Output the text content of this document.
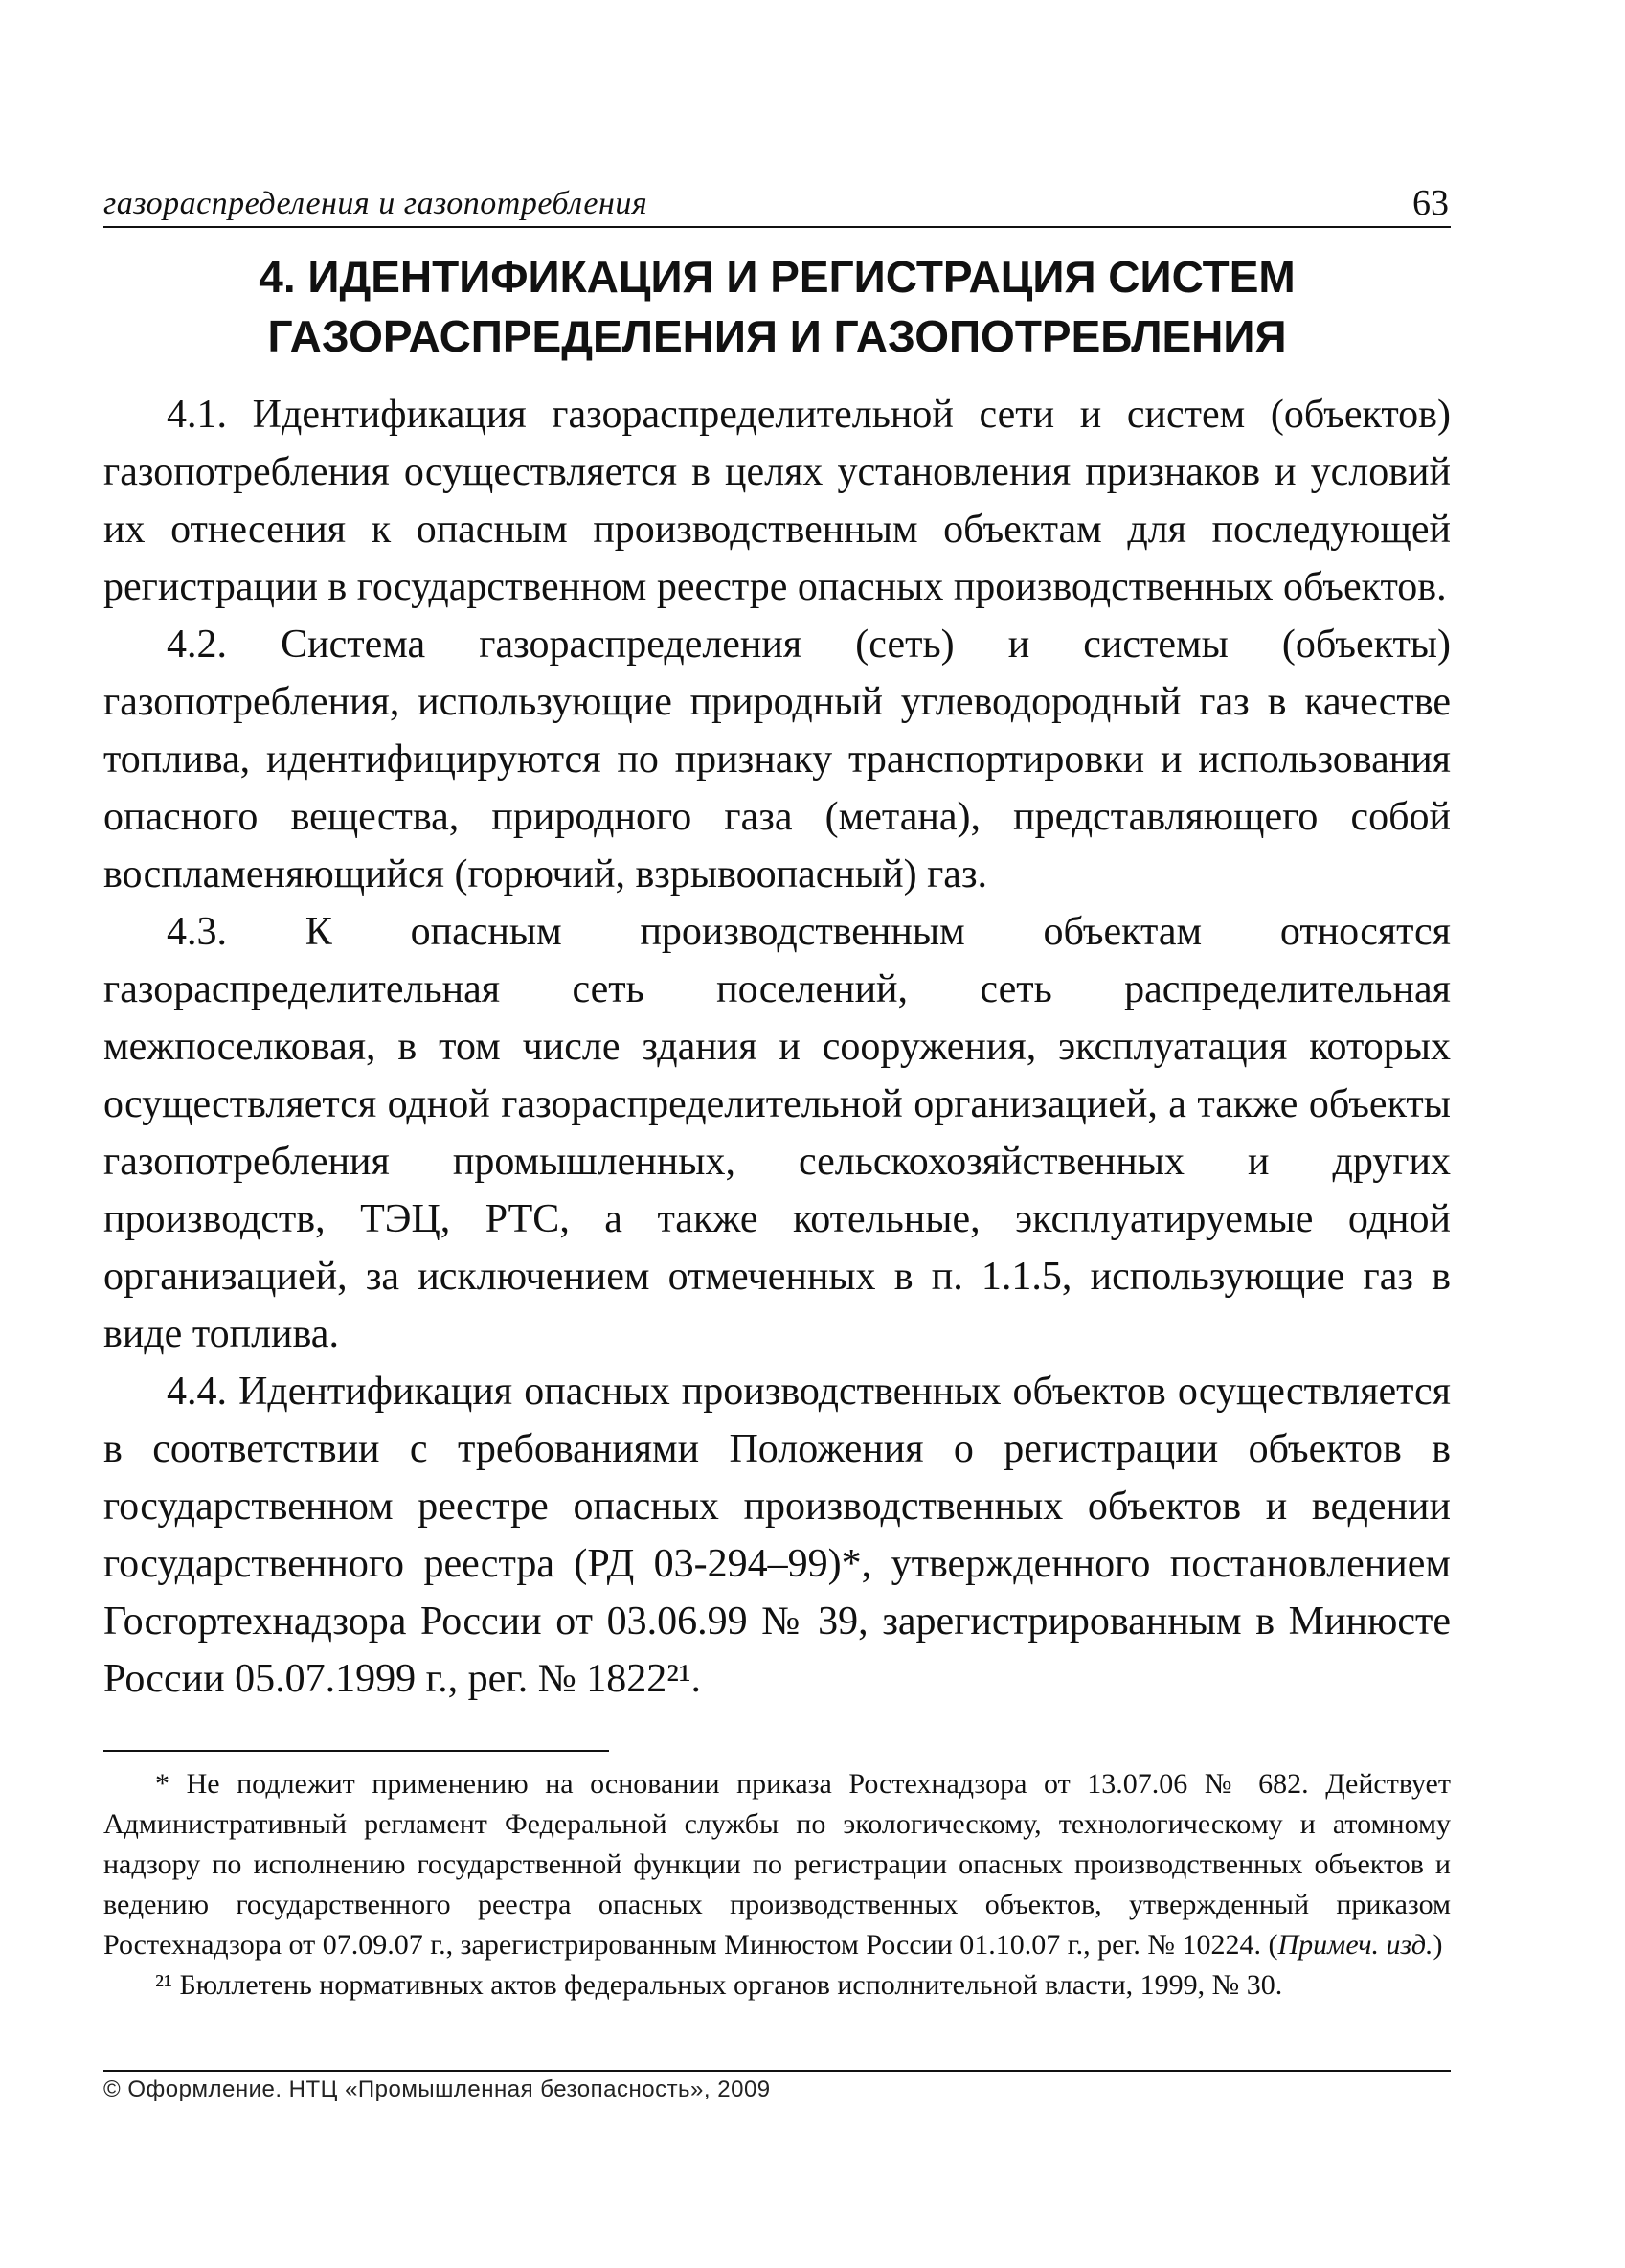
газораспределения и газопотребления	63
4. ИДЕНТИФИКАЦИЯ И РЕГИСТРАЦИЯ СИСТЕМ
ГАЗОРАСПРЕДЕЛЕНИЯ И ГАЗОПОТРЕБЛЕНИЯ

4.1. Идентификация газораспределительной сети и систем (объектов) газопотребления осуществляется в целях установления признаков и условий их отнесения к опасным производственным объектам для последующей регистрации в государственном реестре опасных производственных объектов.

4.2. Система газораспределения (сеть) и системы (объекты) газопотребления, использующие природный углеводородный газ в качестве топлива, идентифицируются по признаку транспортировки и использования опасного вещества, природного газа (метана), представляющего собой воспламеняющийся (горючий, взрывоопасный) газ.

4.3. К опасным производственным объектам относятся газораспределительная сеть поселений, сеть распределительная межпоселковая, в том числе здания и сооружения, эксплуатация которых осуществляется одной газораспределительной организацией, а также объекты газопотребления промышленных, сельскохозяйственных и других производств, ТЭЦ, РТС, а также котельные, эксплуатируемые одной организацией, за исключением отмеченных в п. 1.1.5, использующие газ в виде топлива.

4.4. Идентификация опасных производственных объектов осуществляется в соответствии с требованиями Положения о регистрации объектов в государственном реестре опасных производственных объектов и ведении государственного реестра (РД 03-294–99)*, утвержденного постановлением Госгортехнадзора России от 03.06.99 № 39, зарегистрированным в Минюсте России 05.07.1999 г., рег. № 1822²¹.

* Не подлежит применению на основании приказа Ростехнадзора от 13.07.06 № 682. Действует Административный регламент Федеральной службы по экологическому, технологическому и атомному надзору по исполнению государственной функции по регистрации опасных производственных объектов и ведению государственного реестра опасных производственных объектов, утвержденный приказом Ростехнадзора от 07.09.07 г., зарегистрированным Минюстом России 01.10.07 г., рег. № 10224. (Примеч. изд.)

²¹ Бюллетень нормативных актов федеральных органов исполнительной власти, 1999, № 30.

© Оформление. НТЦ «Промышленная безопасность», 2009
